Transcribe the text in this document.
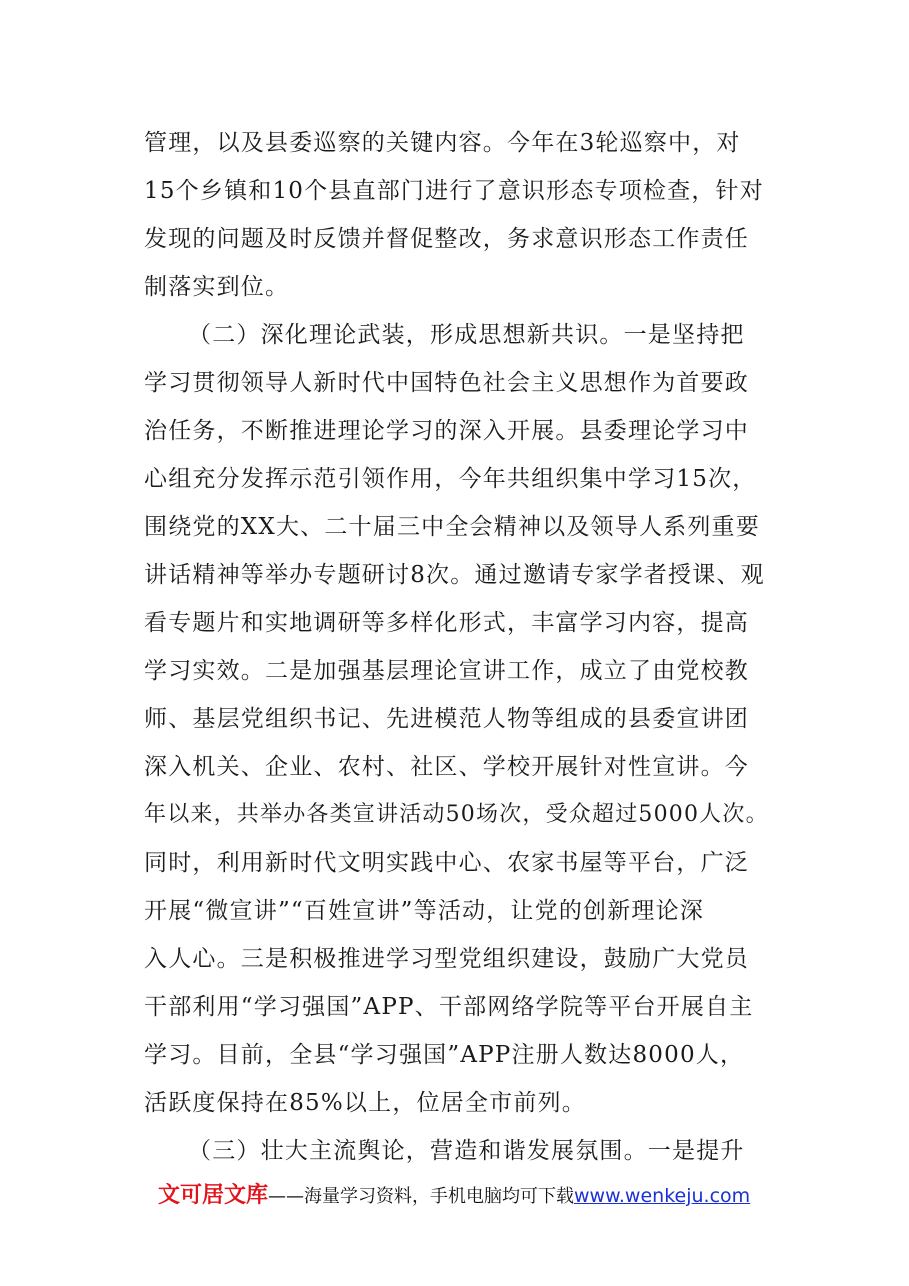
管理，以及县委巡察的关键内容。今年在3轮巡察中，对
15个乡镇和10个县直部门进行了意识形态专项检查，针对
发现的问题及时反馈并督促整改，务求意识形态工作责任
制落实到位。
（二）深化理论武装，形成思想新共识。一是坚持把
学习贯彻领导人新时代中国特色社会主义思想作为首要政
治任务，不断推进理论学习的深入开展。县委理论学习中
心组充分发挥示范引领作用，今年共组织集中学习15次，
围绕党的XX大、二十届三中全会精神以及领导人系列重要
讲话精神等举办专题研讨8次。通过邀请专家学者授课、观
看专题片和实地调研等多样化形式，丰富学习内容，提高
学习实效。二是加强基层理论宣讲工作，成立了由党校教
师、基层党组织书记、先进模范人物等组成的县委宣讲团
深入机关、企业、农村、社区、学校开展针对性宣讲。今
年以来，共举办各类宣讲活动50场次，受众超过5000人次。
同时，利用新时代文明实践中心、农家书屋等平台，广泛
开展“微宣讲”“百姓宣讲”等活动，让党的创新理论深
入人心。三是积极推进学习型党组织建设，鼓励广大党员
干部利用“学习强国”APP、干部网络学院等平台开展自主
学习。目前，全县“学习强国”APP注册人数达8000人，
活跃度保持在85%以上，位居全市前列。
（三）壮大主流舆论，营造和谐发展氛围。一是提升
文可居文库——海量学习资料，手机电脑均可下载www.wenkeju.com
